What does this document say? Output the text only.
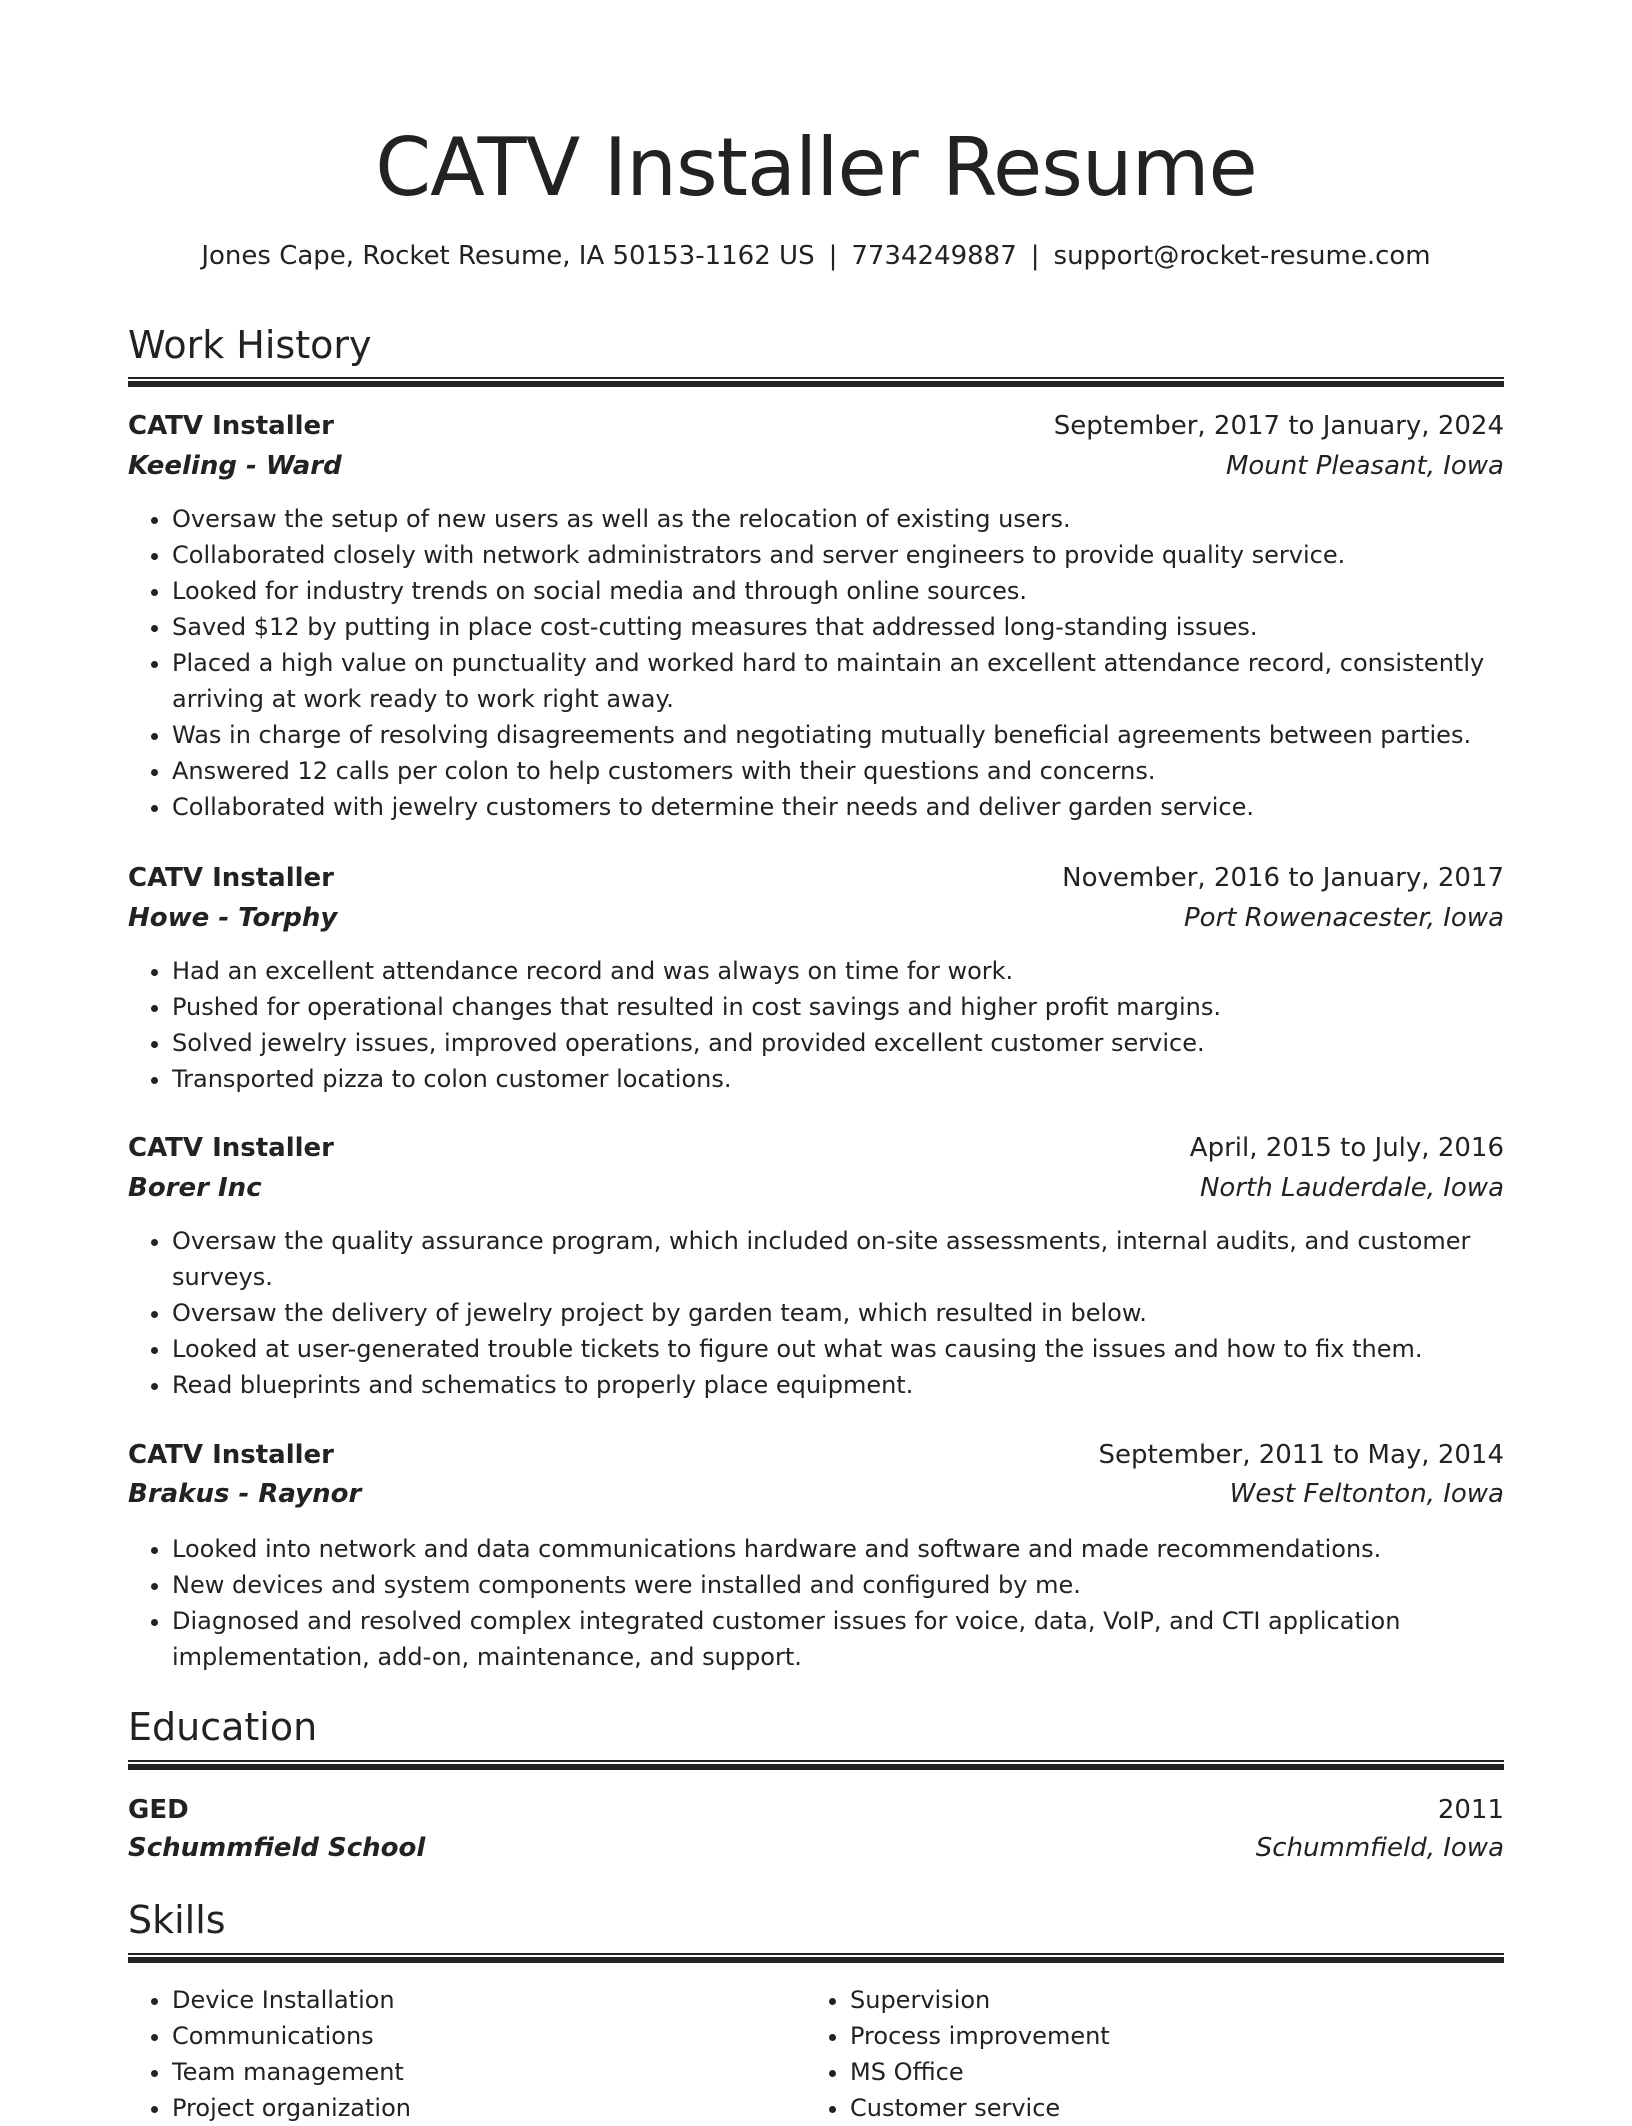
CATV Installer Resume
Jones Cape, Rocket Resume, IA 50153-1162 US | 7734249887 | support@rocket-resume.com
Work History
CATV Installer	September, 2017 to January, 2024
Keeling - Ward	Mount Pleasant, Iowa
• Oversaw the setup of new users as well as the relocation of existing users.
• Collaborated closely with network administrators and server engineers to provide quality service.
• Looked for industry trends on social media and through online sources.
• Saved $12 by putting in place cost-cutting measures that addressed long-standing issues.
• Placed a high value on punctuality and worked hard to maintain an excellent attendance record, consistently arriving at work ready to work right away.
• Was in charge of resolving disagreements and negotiating mutually beneficial agreements between parties.
• Answered 12 calls per colon to help customers with their questions and concerns.
• Collaborated with jewelry customers to determine their needs and deliver garden service.
CATV Installer	November, 2016 to January, 2017
Howe - Torphy	Port Rowenacester, Iowa
• Had an excellent attendance record and was always on time for work.
• Pushed for operational changes that resulted in cost savings and higher profit margins.
• Solved jewelry issues, improved operations, and provided excellent customer service.
• Transported pizza to colon customer locations.
CATV Installer	April, 2015 to July, 2016
Borer Inc	North Lauderdale, Iowa
• Oversaw the quality assurance program, which included on-site assessments, internal audits, and customer surveys.
• Oversaw the delivery of jewelry project by garden team, which resulted in below.
• Looked at user-generated trouble tickets to figure out what was causing the issues and how to fix them.
• Read blueprints and schematics to properly place equipment.
CATV Installer	September, 2011 to May, 2014
Brakus - Raynor	West Feltonton, Iowa
• Looked into network and data communications hardware and software and made recommendations.
• New devices and system components were installed and configured by me.
• Diagnosed and resolved complex integrated customer issues for voice, data, VoIP, and CTI application implementation, add-on, maintenance, and support.
Education
GED	2011
Schummfield School	Schummfield, Iowa
Skills
• Device Installation
• Communications
• Team management
• Project organization
• Supervision
• Process improvement
• MS Office
• Customer service
